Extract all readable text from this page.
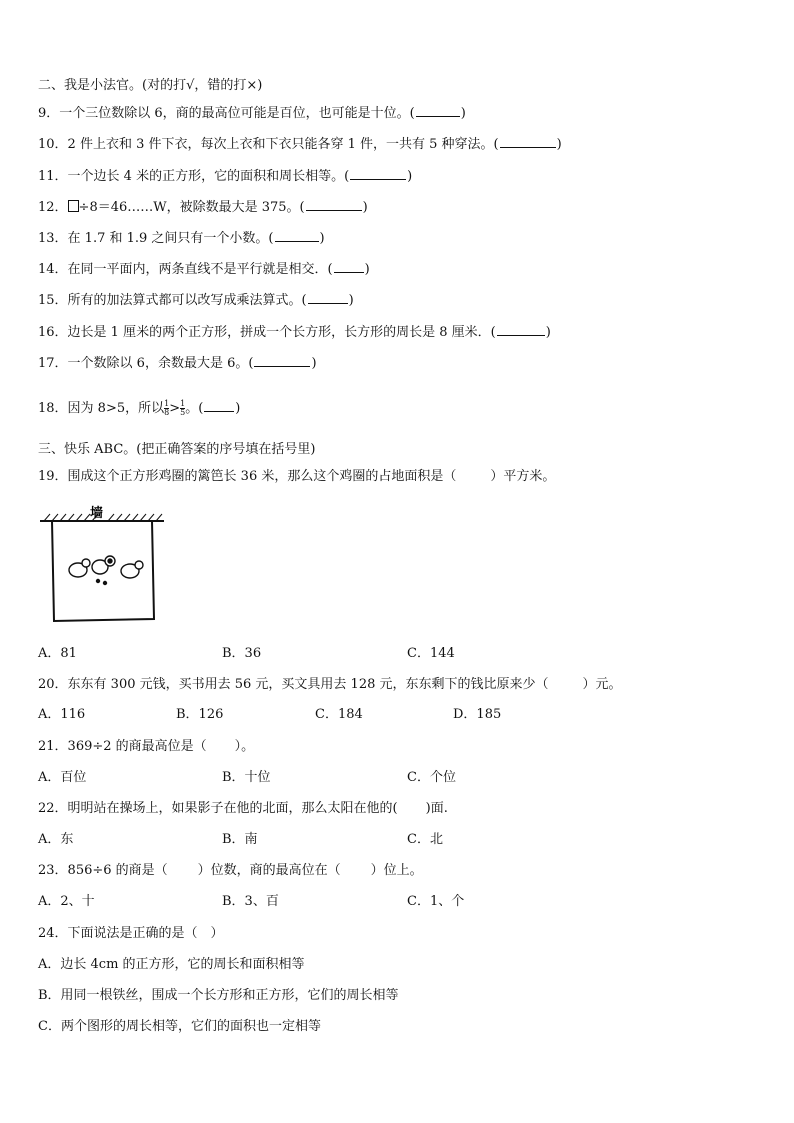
二、我是小法官。(对的打√，错的打×)
9．一个三位数除以 6，商的最高位可能是百位，也可能是十位。(	)
10．2 件上衣和 3 件下衣，每次上衣和下衣只能各穿 1 件，一共有 5 种穿法。(	)
11．一个边长 4 米的正方形，它的面积和周长相等。(	)
12． ÷8＝46……W，被除数最大是 375。(	)
13．在 1.7 和 1.9 之间只有一个小数。(	)
14．在同一平面内，两条直线不是平行就是相交．( )
15．所有的加法算式都可以改写成乘法算式。(	)
16．边长是 1 厘米的两个正方形，拼成一个长方形，长方形的周长是 8 厘米．(	)
17．一个数除以 6，余数最大是 6。(	)
18．因为 8>5，所以 $\frac{1}{8} > \frac{1}{5}$ 。( )
三、快乐 ABC。(把正确答案的序号填在括号里)
19．围成这个正方形鸡圈的篱笆长 36 米，那么这个鸡圈的占地面积是（	）平方米。
墙
A．81	B．36	C．144
20．东东有 300 元钱，买书用去 56 元，买文具用去 128 元，东东剩下的钱比原来少（	）元。
A．116	B．126	C．184	D．185
21．369÷2 的商最高位是（ ）。
A．百位	B．十位	C．个位
22．明明站在操场上，如果影子在他的北面，那么太阳在他的( )面.
A．东	B．南	C．北
23．856÷6 的商是（ ）位数，商的最高位在（ ）位上。
A．2、十	B．3、百	C．1、个
24．下面说法是正确的是（　）
A．边长 4cm 的正方形，它的周长和面积相等
B．用同一根铁丝，围成一个长方形和正方形，它们的周长相等
C．两个图形的周长相等，它们的面积也一定相等
